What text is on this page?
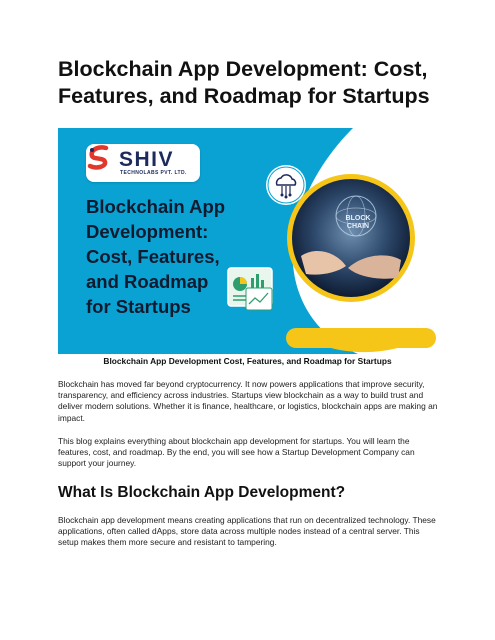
Blockchain App Development: Cost, Features, and Roadmap for Startups
BLOCK
CHAIN
SHIV
TECHNOLABS PVT. LTD.
Blockchain App
Development:
Cost, Features,
and Roadmap
for Startups
Blockchain App Development Cost, Features, and Roadmap for Startups

Blockchain has moved far beyond cryptocurrency. It now powers applications that improve security, transparency, and efficiency across industries. Startups view blockchain as a way to build trust and deliver modern solutions. Whether it is finance, healthcare, or logistics, blockchain apps are making an impact.

This blog explains everything about blockchain app development for startups. You will learn the features, cost, and roadmap. By the end, you will see how a Startup Development Company can support your journey.

What Is Blockchain App Development?

Blockchain app development means creating applications that run on decentralized technology. These applications, often called dApps, store data across multiple nodes instead of a central server. This setup makes them more secure and resistant to tampering.
